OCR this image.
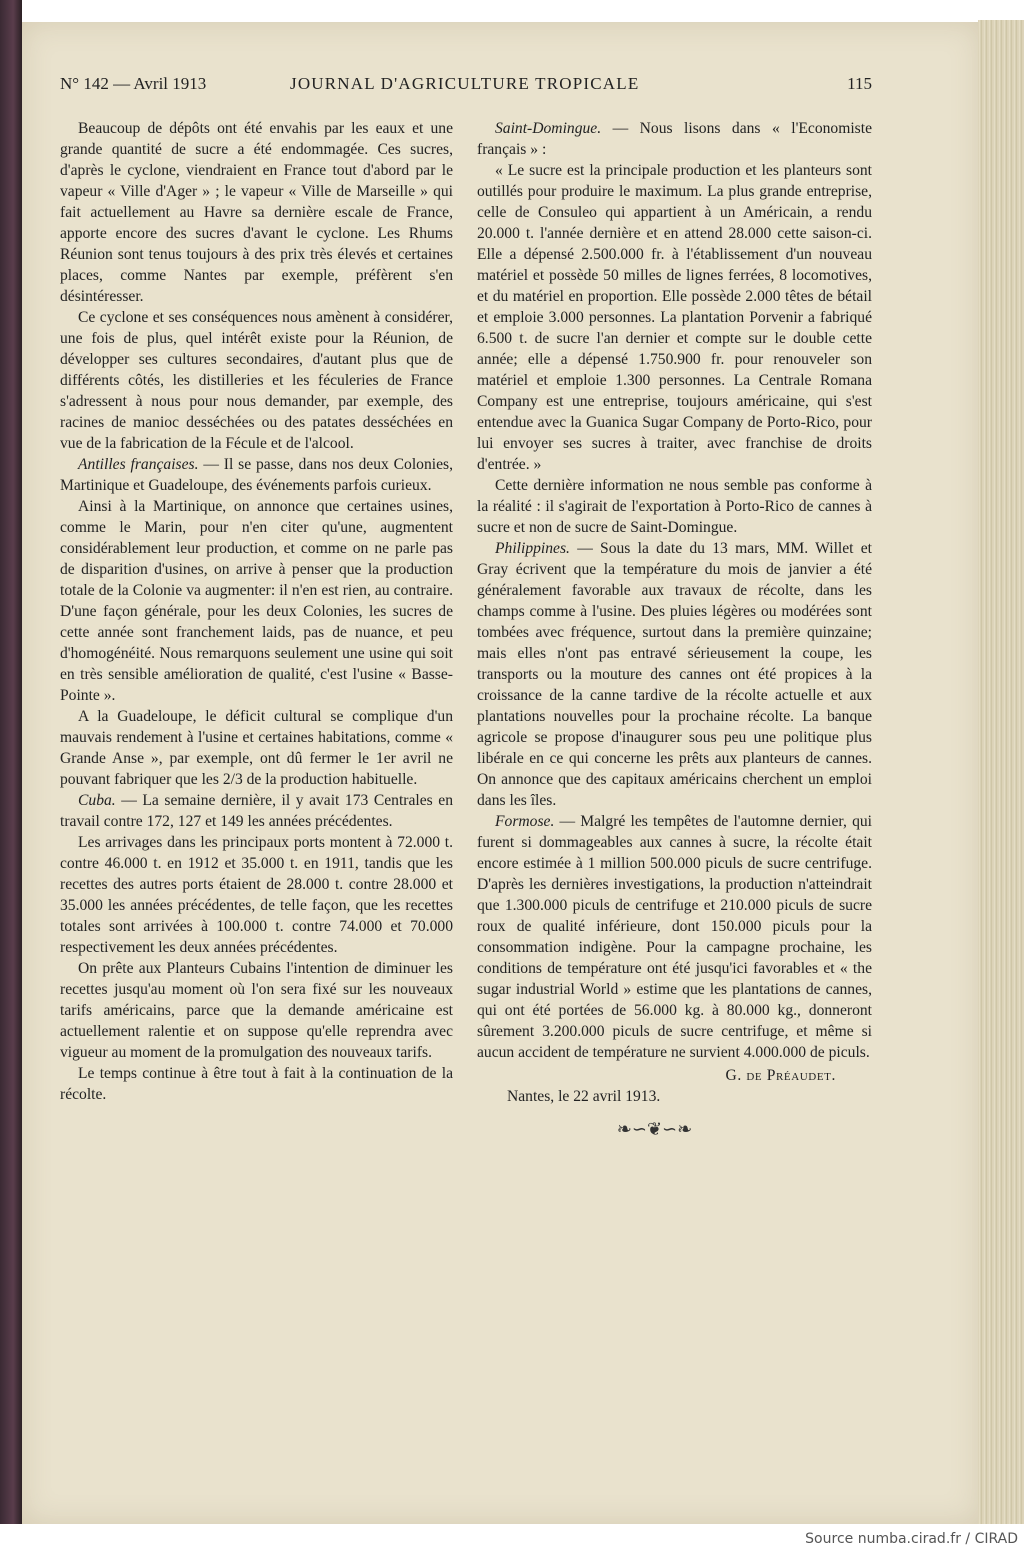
N° 142 — Avril 1913	JOURNAL D'AGRICULTURE TROPICALE	115

Beaucoup de dépôts ont été envahis par les eaux et une grande quantité de sucre a été endommagée. Ces sucres, d'après le cyclone, viendraient en France tout d'abord par le vapeur « Ville d'Ager » ; le vapeur « Ville de Marseille » qui fait actuellement au Havre sa dernière escale de France, apporte encore des sucres d'avant le cyclone. Les Rhums Réunion sont tenus toujours à des prix très élevés et certaines places, comme Nantes par exemple, préfèrent s'en désintéresser.

Ce cyclone et ses conséquences nous amènent à considérer, une fois de plus, quel intérêt existe pour la Réunion, de développer ses cultures secondaires, d'autant plus que de différents côtés, les distilleries et les féculeries de France s'adressent à nous pour nous demander, par exemple, des racines de manioc desséchées ou des patates desséchées en vue de la fabrication de la Fécule et de l'alcool.

Antilles françaises. — Il se passe, dans nos deux Colonies, Martinique et Guadeloupe, des événements parfois curieux.

Ainsi à la Martinique, on annonce que certaines usines, comme le Marin, pour n'en citer qu'une, augmentent considérablement leur production, et comme on ne parle pas de disparition d'usines, on arrive à penser que la production totale de la Colonie va augmenter: il n'en est rien, au contraire. D'une façon générale, pour les deux Colonies, les sucres de cette année sont franchement laids, pas de nuance, et peu d'homogénéité. Nous remarquons seulement une usine qui soit en très sensible amélioration de qualité, c'est l'usine « Basse-Pointe ».

A la Guadeloupe, le déficit cultural se complique d'un mauvais rendement à l'usine et certaines habitations, comme « Grande Anse », par exemple, ont dû fermer le 1er avril ne pouvant fabriquer que les 2/3 de la production habituelle.

Cuba. — La semaine dernière, il y avait 173 Centrales en travail contre 172, 127 et 149 les années précédentes.

Les arrivages dans les principaux ports montent à 72.000 t. contre 46.000 t. en 1912 et 35.000 t. en 1911, tandis que les recettes des autres ports étaient de 28.000 t. contre 28.000 et 35.000 les années précédentes, de telle façon, que les recettes totales sont arrivées à 100.000 t. contre 74.000 et 70.000 respectivement les deux années précédentes.

On prête aux Planteurs Cubains l'intention de diminuer les recettes jusqu'au moment où l'on sera fixé sur les nouveaux tarifs américains, parce que la demande américaine est actuellement ralentie et on suppose qu'elle reprendra avec vigueur au moment de la promulgation des nouveaux tarifs.

Le temps continue à être tout à fait à la continuation de la récolte.

Saint-Domingue. — Nous lisons dans « l'Economiste français » :

« Le sucre est la principale production et les planteurs sont outillés pour produire le maximum. La plus grande entreprise, celle de Consuleo qui appartient à un Américain, a rendu 20.000 t. l'année dernière et en attend 28.000 cette saison-ci. Elle a dépensé 2.500.000 fr. à l'établissement d'un nouveau matériel et possède 50 milles de lignes ferrées, 8 locomotives, et du matériel en proportion. Elle possède 2.000 têtes de bétail et emploie 3.000 personnes. La plantation Porvenir a fabriqué 6.500 t. de sucre l'an dernier et compte sur le double cette année; elle a dépensé 1.750.900 fr. pour renouveler son matériel et emploie 1.300 personnes. La Centrale Romana Company est une entreprise, toujours américaine, qui s'est entendue avec la Guanica Sugar Company de Porto-Rico, pour lui envoyer ses sucres à traiter, avec franchise de droits d'entrée. »

Cette dernière information ne nous semble pas conforme à la réalité : il s'agirait de l'exportation à Porto-Rico de cannes à sucre et non de sucre de Saint-Domingue.

Philippines. — Sous la date du 13 mars, MM. Willet et Gray écrivent que la température du mois de janvier a été généralement favorable aux travaux de récolte, dans les champs comme à l'usine. Des pluies légères ou modérées sont tombées avec fréquence, surtout dans la première quinzaine; mais elles n'ont pas entravé sérieusement la coupe, les transports ou la mouture des cannes ont été propices à la croissance de la canne tardive de la récolte actuelle et aux plantations nouvelles pour la prochaine récolte. La banque agricole se propose d'inaugurer sous peu une politique plus libérale en ce qui concerne les prêts aux planteurs de cannes. On annonce que des capitaux américains cherchent un emploi dans les îles.

Formose. — Malgré les tempêtes de l'automne dernier, qui furent si dommageables aux cannes à sucre, la récolte était encore estimée à 1 million 500.000 piculs de sucre centrifuge. D'après les dernières investigations, la production n'atteindrait que 1.300.000 piculs de centrifuge et 210.000 piculs de sucre roux de qualité inférieure, dont 150.000 piculs pour la consommation indigène. Pour la campagne prochaine, les conditions de température ont été jusqu'ici favorables et « the sugar industrial World » estime que les plantations de cannes, qui ont été portées de 56.000 kg. à 80.000 kg., donneront sûrement 3.200.000 piculs de sucre centrifuge, et même si aucun accident de température ne survient 4.000.000 de piculs.

G. de Préaudet.

Nantes, le 22 avril 1913.

❧∽❦∽❧
Source numba.cirad.fr / CIRAD
